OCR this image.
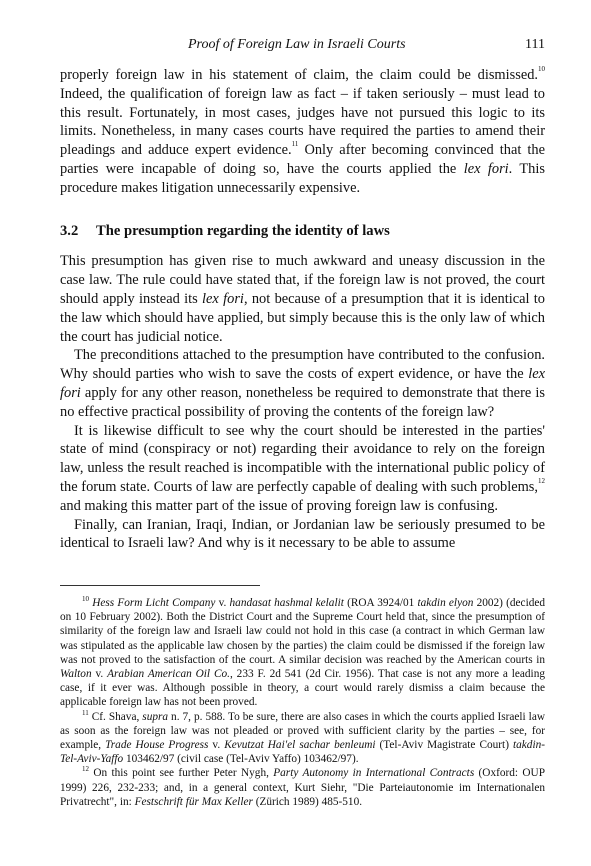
Proof of Foreign Law in Israeli Courts	111

properly foreign law in his statement of claim, the claim could be dismissed.$^{10}$ Indeed, the qualification of foreign law as fact – if taken seriously – must lead to this result. Fortunately, in most cases, judges have not pursued this logic to its limits. Nonetheless, in many cases courts have required the parties to amend their pleadings and adduce expert evidence.$^{11}$ Only after becoming convinced that the parties were incapable of doing so, have the courts applied the lex fori. This procedure makes litigation unnecessarily expensive.

3.2 The presumption regarding the identity of laws

This presumption has given rise to much awkward and uneasy discussion in the case law. The rule could have stated that, if the foreign law is not proved, the court should apply instead its lex fori, not because of a presumption that it is identical to the law which should have applied, but simply because this is the only law of which the court has judicial notice.

The preconditions attached to the presumption have contributed to the confusion. Why should parties who wish to save the costs of expert evidence, or have the lex fori apply for any other reason, nonetheless be required to demonstrate that there is no effective practical possibility of proving the contents of the foreign law?

It is likewise difficult to see why the court should be interested in the parties' state of mind (conspiracy or not) regarding their avoidance to rely on the foreign law, unless the result reached is incompatible with the international public policy of the forum state. Courts of law are perfectly capable of dealing with such problems,$^{12}$ and making this matter part of the issue of proving foreign law is confusing.

Finally, can Iranian, Iraqi, Indian, or Jordanian law be seriously presumed to be identical to Israeli law? And why is it necessary to be able to assume

$^{10}$ Hess Form Licht Company v. handasat hashmal kelalit (ROA 3924/01 takdin elyon 2002) (decided on 10 February 2002). Both the District Court and the Supreme Court held that, since the presumption of similarity of the foreign law and Israeli law could not hold in this case (a contract in which German law was stipulated as the applicable law chosen by the parties) the claim could be dismissed if the foreign law was not proved to the satisfaction of the court. A similar decision was reached by the American courts in Walton v. Arabian American Oil Co., 233 F. 2d 541 (2d Cir. 1956). That case is not any more a leading case, if it ever was. Although possible in theory, a court would rarely dismiss a claim because the applicable foreign law has not been proved.

$^{11}$ Cf. Shava, supra n. 7, p. 588. To be sure, there are also cases in which the courts applied Israeli law as soon as the foreign law was not pleaded or proved with sufficient clarity by the parties – see, for example, Trade House Progress v. Kevutzat Hai'el sachar benleumi (Tel-Aviv Magistrate Court) takdin-Tel-Aviv-Yaffo 103462/97 (civil case (Tel-Aviv Yaffo) 103462/97).

$^{12}$ On this point see further Peter Nygh, Party Autonomy in International Contracts (Oxford: OUP 1999) 226, 232-233; and, in a general context, Kurt Siehr, "Die Parteiautonomie im Internationalen Privatrecht", in: Festschrift für Max Keller (Zürich 1989) 485-510.
